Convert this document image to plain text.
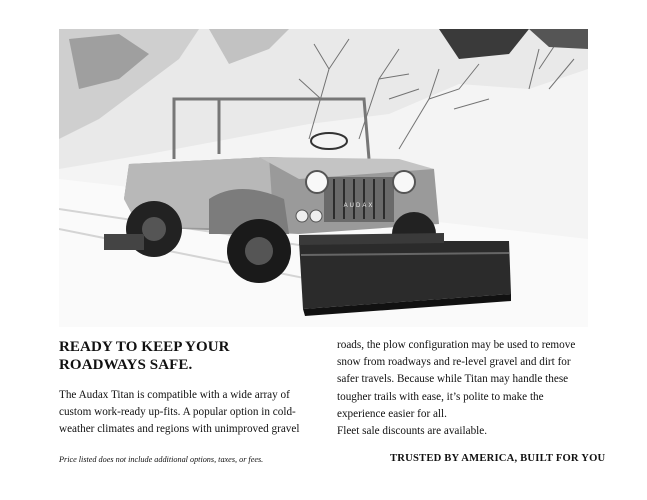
AUDAX
READY TO KEEP YOUR ROADWAYS SAFE.

The Audax Titan is compatible with a wide array of custom work-ready up-fits. A popular option in cold-weather climates and regions with unimproved gravel

roads, the plow configuration may be used to remove snow from roadways and re-level gravel and dirt for safer travels. Because while Titan may handle these tougher trails with ease, it’s polite to make the experience easier for all.

Fleet sale discounts are available.

Price listed does not include additional options, taxes, or fees.	TRUSTED BY AMERICA, BUILT FOR YOU
